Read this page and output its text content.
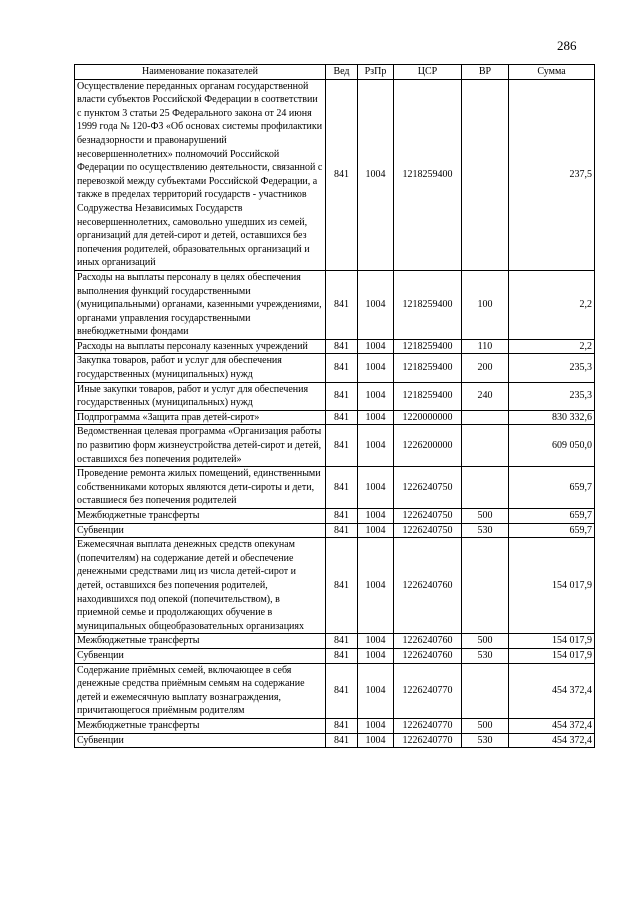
286
Наименование показателей	Вед	РзПр	ЦСР	ВР	Сумма
Осуществление переданных органам государственной власти субъектов Российской Федерации в соответствии с пунктом 3 статьи 25 Федерального закона от 24 июня 1999 года № 120-ФЗ «Об основах системы профилактики безнадзорности и правонарушений несовершеннолетних» полномочий Российской Федерации по осуществлению деятельности, связанной с перевозкой между субъектами Российской Федерации, а также в пределах территорий государств - участников Содружества Независимых Государств несовершеннолетних, самовольно ушедших из семей, организаций для детей-сирот и детей, оставшихся без попечения родителей, образовательных организаций и иных организаций	841	1004	1218259400		237,5
Расходы на выплаты персоналу в целях обеспечения выполнения функций государственными (муниципальными) органами, казенными учреждениями, органами управления государственными внебюджетными фондами	841	1004	1218259400	100	2,2
Расходы на выплаты персоналу казенных учреждений	841	1004	1218259400	110	2,2
Закупка товаров, работ и услуг для обеспечения государственных (муниципальных) нужд	841	1004	1218259400	200	235,3
Иные закупки товаров, работ и услуг для обеспечения государственных (муниципальных) нужд	841	1004	1218259400	240	235,3
Подпрограмма «Защита прав детей-сирот»	841	1004	1220000000		830 332,6
Ведомственная целевая программа «Организация работы по развитию форм жизнеустройства детей-сирот и детей, оставшихся без попечения родителей»	841	1004	1226200000		609 050,0
Проведение ремонта жилых помещений, единственными собственниками которых являются дети-сироты и дети, оставшиеся без попечения родителей	841	1004	1226240750		659,7
Межбюджетные трансферты	841	1004	1226240750	500	659,7
Субвенции	841	1004	1226240750	530	659,7
Ежемесячная выплата денежных средств опекунам (попечителям) на содержание детей и обеспечение денежными средствами лиц из числа детей-сирот и детей, оставшихся без попечения родителей, находившихся под опекой (попечительством), в приемной семье и продолжающих обучение в муниципальных общеобразовательных организациях	841	1004	1226240760		154 017,9
Межбюджетные трансферты	841	1004	1226240760	500	154 017,9
Субвенции	841	1004	1226240760	530	154 017,9
Содержание приёмных семей, включающее в себя денежные средства приёмным семьям на содержание детей и ежемесячную выплату вознаграждения, причитающегося приёмным родителям	841	1004	1226240770		454 372,4
Межбюджетные трансферты	841	1004	1226240770	500	454 372,4
Субвенции	841	1004	1226240770	530	454 372,4
